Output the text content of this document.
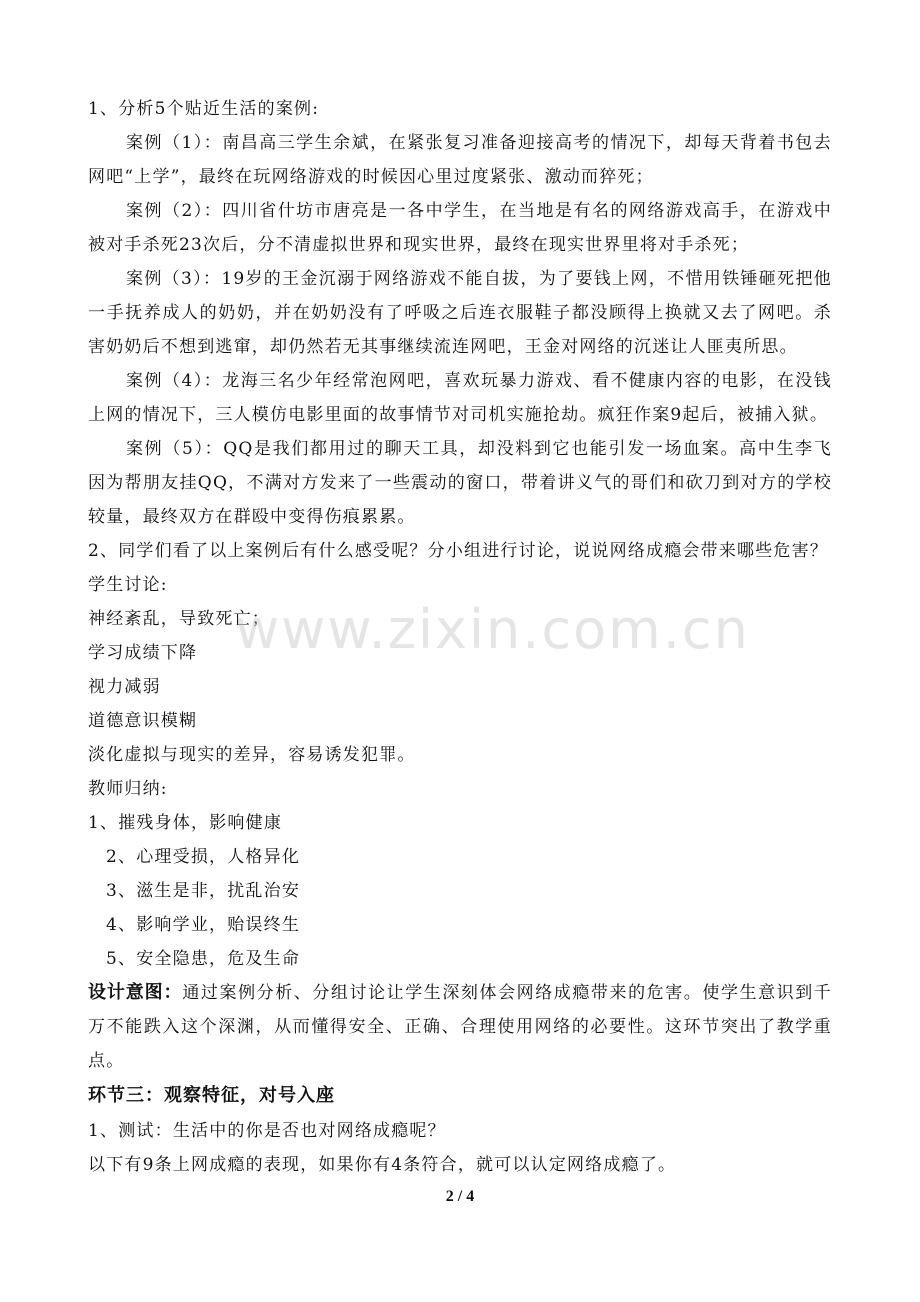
1、分析5个贴近生活的案例:
案例（1）：南昌高三学生余斌，在紧张复习准备迎接高考的情况下，却每天背着书包去网吧“上学”，最终在玩网络游戏的时候因心里过度紧张、激动而猝死；
案例（2）：四川省什坊市唐亮是一各中学生，在当地是有名的网络游戏高手，在游戏中被对手杀死23次后，分不清虚拟世界和现实世界，最终在现实世界里将对手杀死；
案例（3）：19岁的王金沉溺于网络游戏不能自拔，为了要钱上网，不惜用铁锤砸死把他一手抚养成人的奶奶，并在奶奶没有了呼吸之后连衣服鞋子都没顾得上换就又去了网吧。杀害奶奶后不想到逃窜，却仍然若无其事继续流连网吧，王金对网络的沉迷让人匪夷所思。
案例（4）：龙海三名少年经常泡网吧，喜欢玩暴力游戏、看不健康内容的电影，在没钱上网的情况下，三人模仿电影里面的故事情节对司机实施抢劫。疯狂作案9起后，被捕入狱。
案例（5）：QQ是我们都用过的聊天工具，却没料到它也能引发一场血案。高中生李飞因为帮朋友挂QQ，不满对方发来了一些震动的窗口，带着讲义气的哥们和砍刀到对方的学校较量，最终双方在群殴中变得伤痕累累。
2、同学们看了以上案例后有什么感受呢？分小组进行讨论，说说网络成瘾会带来哪些危害？
学生讨论:
神经紊乱，导致死亡；
学习成绩下降
视力减弱
道德意识模糊
淡化虚拟与现实的差异，容易诱发犯罪。
教师归纳:
1、摧残身体，影响健康
2、心理受损，人格异化
3、滋生是非，扰乱治安
4、影响学业，贻误终生
5、安全隐患，危及生命
设计意图：通过案例分析、分组讨论让学生深刻体会网络成瘾带来的危害。使学生意识到千万不能跌入这个深渊，从而懂得安全、正确、合理使用网络的必要性。这环节突出了教学重点。
环节三：观察特征，对号入座
1、测试：生活中的你是否也对网络成瘾呢？
以下有9条上网成瘾的表现，如果你有4条符合，就可以认定网络成瘾了。
www.zixin.com.cn
2 / 4
